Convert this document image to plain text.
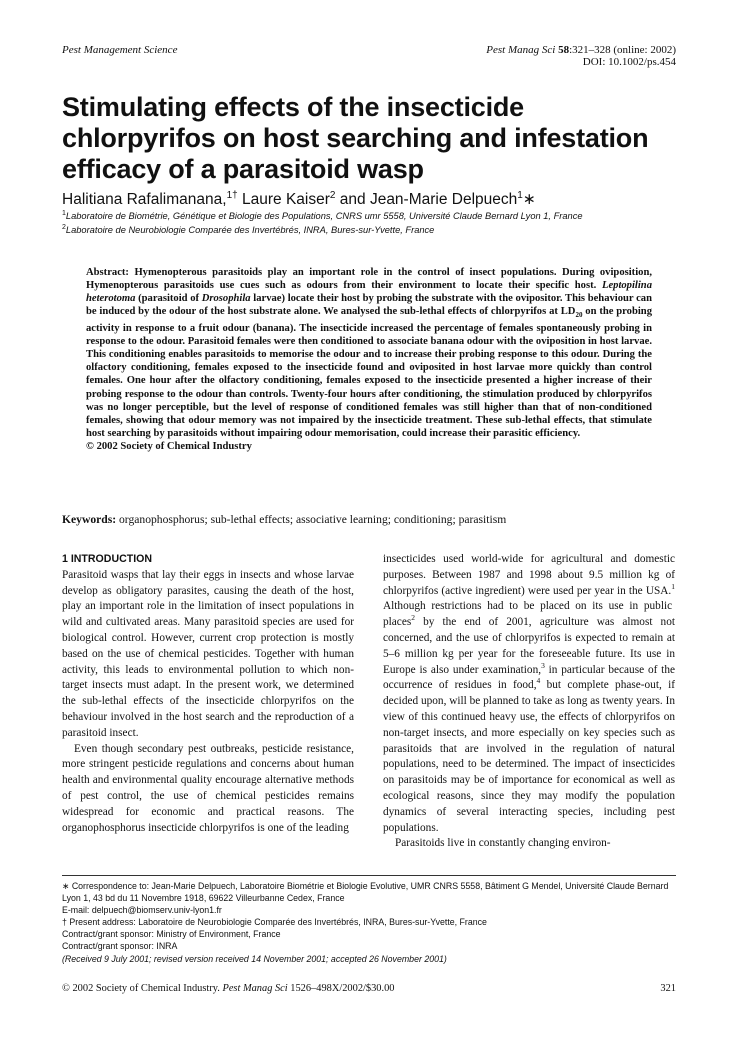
Pest Management Science	Pest Manag Sci 58:321–328 (online: 2002)
DOI: 10.1002/ps.454
Stimulating effects of the insecticide chlorpyrifos on host searching and infestation efficacy of a parasitoid wasp
Halitiana Rafalimanana,$^{1\dagger}$ Laure Kaiser$^2$ and Jean-Marie Delpuech$^1$∗
$^1$Laboratoire de Biométrie, Génétique et Biologie des Populations, CNRS umr 5558, Université Claude Bernard Lyon 1, France
$^2$Laboratoire de Neurobiologie Comparée des Invertébrés, INRA, Bures-sur-Yvette, France

Abstract: Hymenopterous parasitoids play an important role in the control of insect populations. During oviposition, Hymenopterous parasitoids use cues such as odours from their environment to locate their specific host. Leptopilina heterotoma (parasitoid of Drosophila larvae) locate their host by probing the substrate with the ovipositor. This behaviour can be induced by the odour of the host substrate alone. We analysed the sub-lethal effects of chlorpyrifos at $LD_{20}$ on the probing activity in response to a fruit odour (banana). The insecticide increased the percentage of females spontaneously probing in response to the odour. Parasitoid females were then conditioned to associate banana odour with the oviposition in host larvae. This conditioning enables parasitoids to memorise the odour and to increase their probing response to this odour. During the olfactory conditioning, females exposed to the insecticide found and oviposited in host larvae more quickly than control females. One hour after the olfactory conditioning, females exposed to the insecticide presented a higher increase of their probing response to the odour than controls. Twenty-four hours after conditioning, the stimulation produced by chlorpyrifos was no longer perceptible, but the level of response of conditioned females was still higher than that of non-conditioned females, showing that odour memory was not impaired by the insecticide treatment. These sub-lethal effects, that stimulate host searching by parasitoids without impairing odour memorisation, could increase their parasitic efficiency.

© 2002 Society of Chemical Industry

Keywords: organophosphorus; sub-lethal effects; associative learning; conditioning; parasitism

1 INTRODUCTION

Parasitoid wasps that lay their eggs in insects and whose larvae develop as obligatory parasites, causing the death of the host, play an important role in the limitation of insect populations in wild and cultivated areas. Many parasitoid species are used for biological control. However, current crop protection is mostly based on the use of chemical pesticides. Together with human activity, this leads to environmental pollution to which non-target insects must adapt. In the present work, we determined the sub-lethal effects of the insecticide chlorpyrifos on the behaviour involved in the host search and the reproduction of a parasitoid insect.

Even though secondary pest outbreaks, pesticide resistance, more stringent pesticide regulations and concerns about human health and environmental quality encourage alternative methods of pest control, the use of chemical pesticides remains widespread for economic and practical reasons. The organophosphorus insecticide chlorpyrifos is one of the leading

insecticides used world-wide for agricultural and domestic purposes. Between 1987 and 1998 about 9.5 million kg of chlorpyrifos (active ingredient) were used per year in the USA.$^1$ Although restrictions had to be placed on its use in public places$^2$ by the end of 2001, agriculture was almost not concerned, and the use of chlorpyrifos is expected to remain at 5–6 million kg per year for the foreseeable future. Its use in Europe is also under examination,$^3$ in particular because of the occurrence of residues in food,$^4$ but complete phase-out, if decided upon, will be planned to take as long as twenty years. In view of this continued heavy use, the effects of chlorpyrifos on non-target insects, and more especially on key species such as parasitoids that are involved in the regulation of natural populations, need to be determined. The impact of insecticides on parasitoids may be of importance for economical as well as ecological reasons, since they may modify the population dynamics of several interacting species, including pest populations.

Parasitoids live in constantly changing environ-

∗ Correspondence to: Jean-Marie Delpuech, Laboratoire Biométrie et Biologie Evolutive, UMR CNRS 5558, Bâtiment G Mendel, Université Claude Bernard Lyon 1, 43 bd du 11 Novembre 1918, 69622 Villeurbanne Cedex, France

E-mail: delpuech@biomserv.univ-lyon1.fr

† Present address: Laboratoire de Neurobiologie Comparée des Invertébrés, INRA, Bures-sur-Yvette, France

Contract/grant sponsor: Ministry of Environment, France

Contract/grant sponsor: INRA

(Received 9 July 2001; revised version received 14 November 2001; accepted 26 November 2001)

© 2002 Society of Chemical Industry. Pest Manag Sci 1526–498X/2002/$30.00	321
